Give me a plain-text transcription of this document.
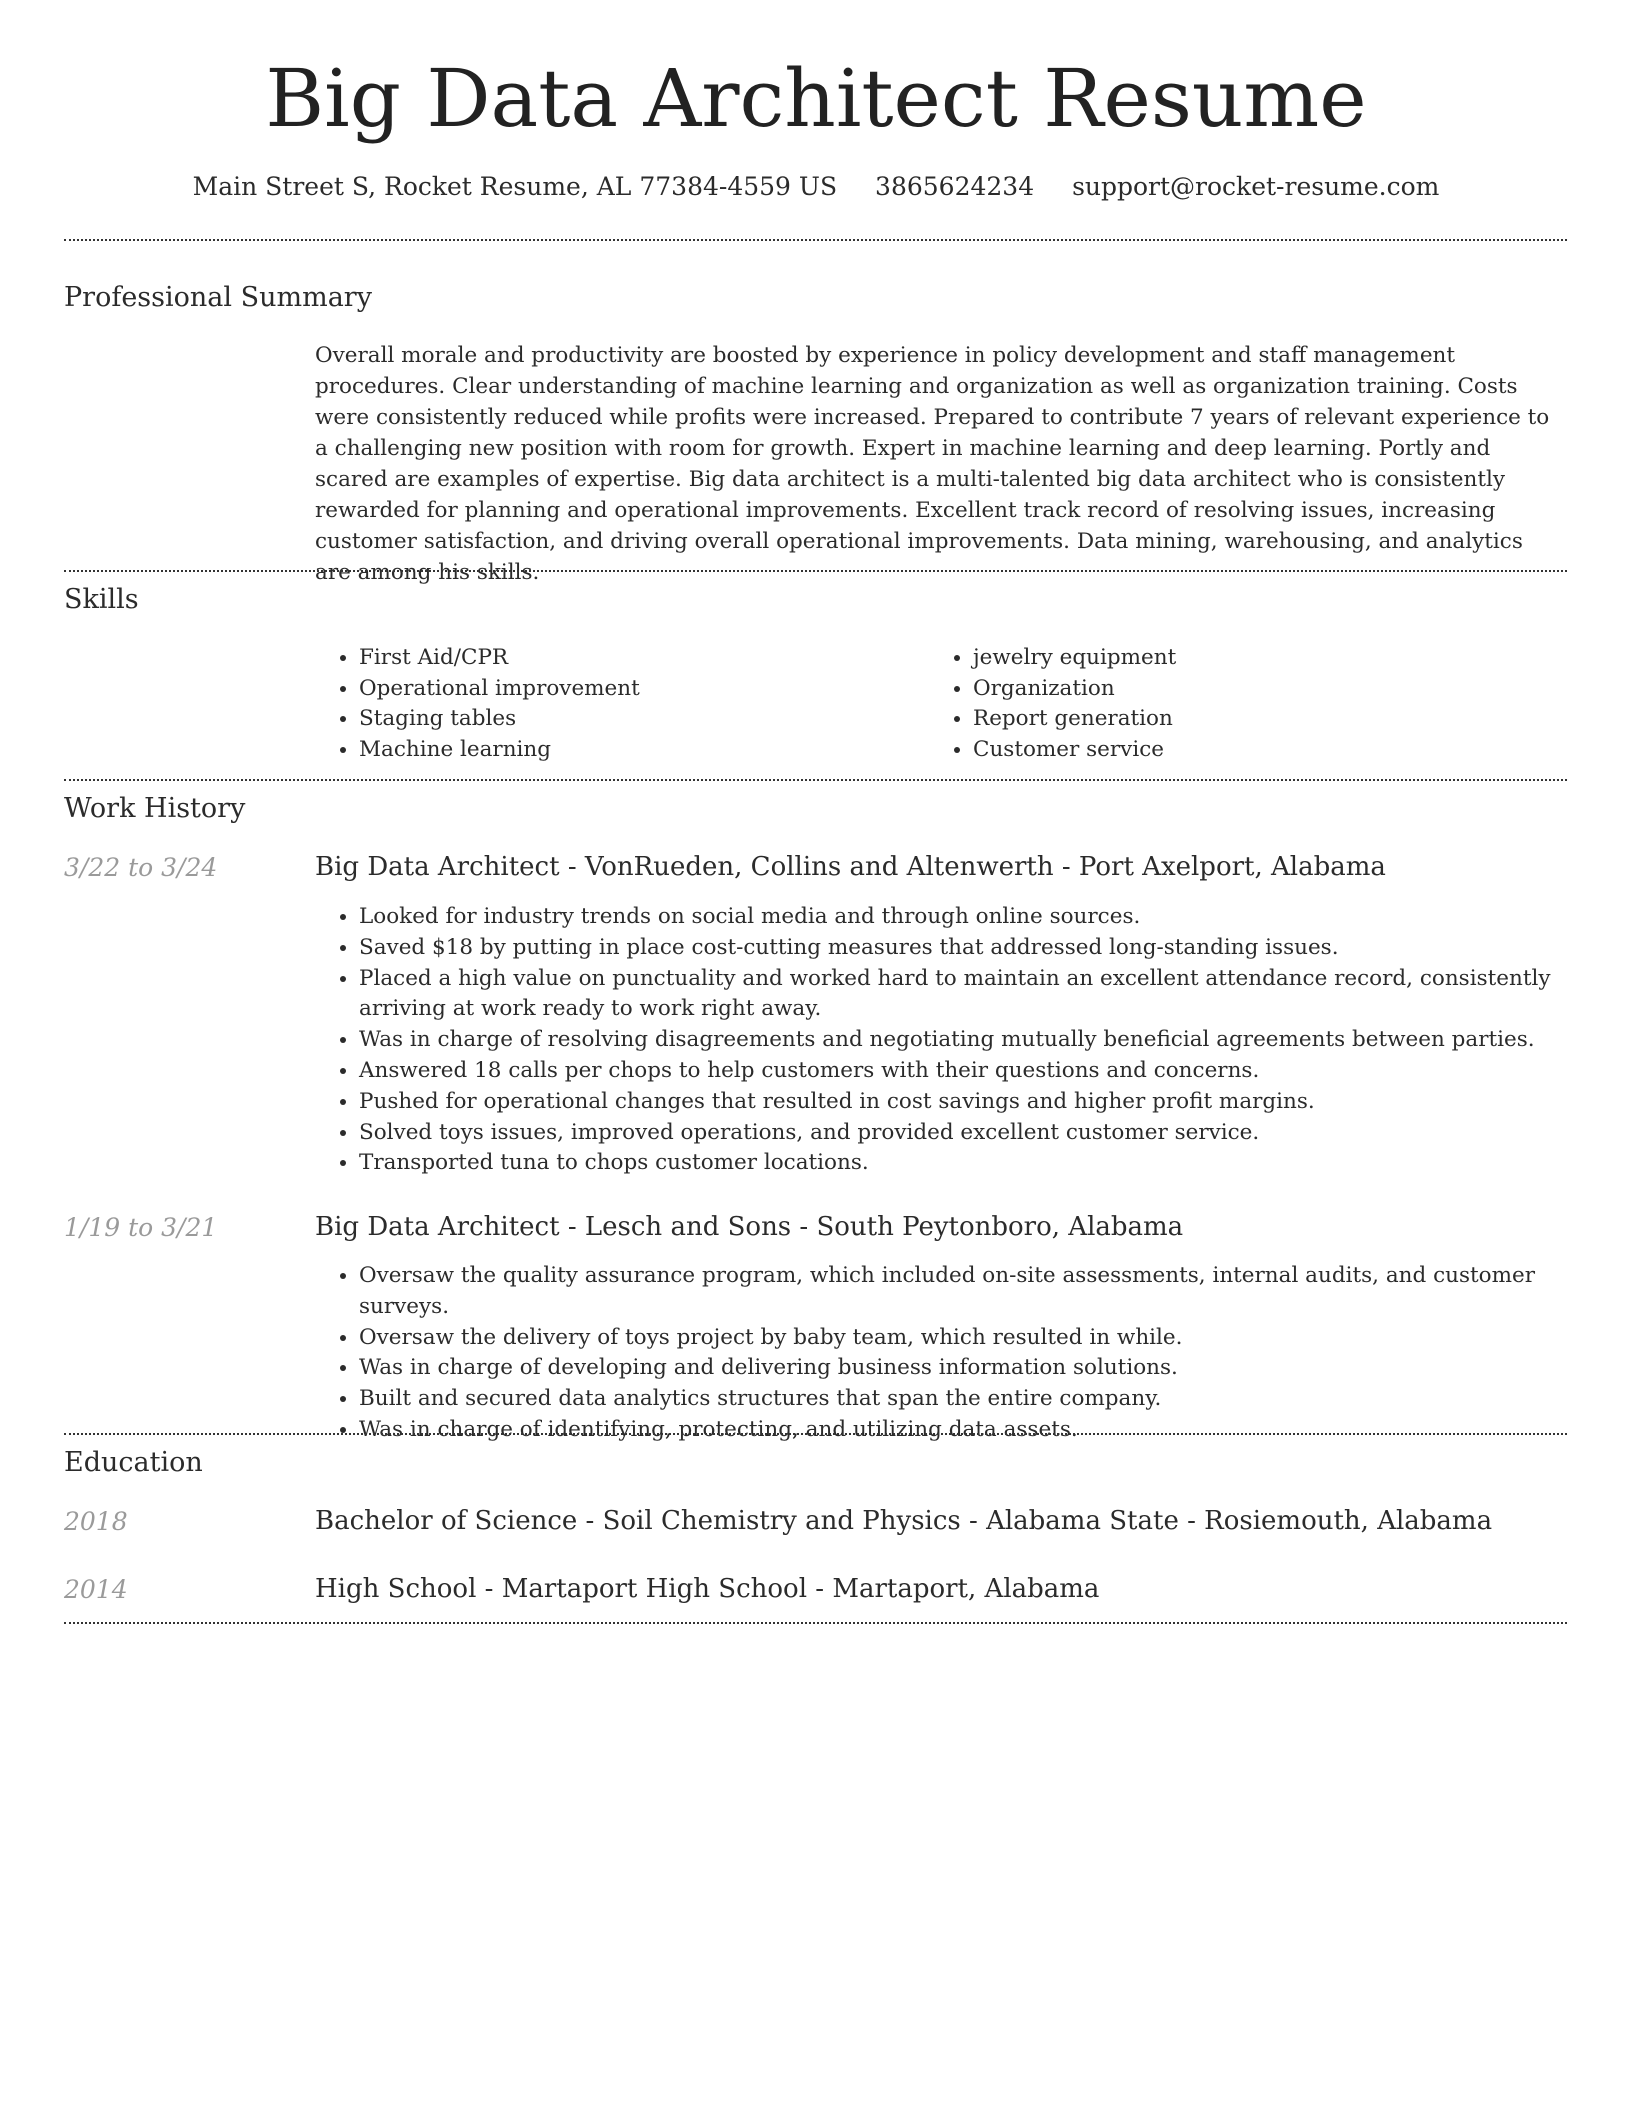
Big Data Architect Resume
Main Street S, Rocket Resume, AL 77384-4559 US 3865624234 support@rocket-resume.com
Professional Summary

Overall morale and productivity are boosted by experience in policy development and staff management procedures. Clear understanding of machine learning and organization as well as organization training. Costs were consistently reduced while profits were increased. Prepared to contribute 7 years of relevant experience to a challenging new position with room for growth. Expert in machine learning and deep learning. Portly and scared are examples of expertise. Big data architect is a multi-talented big data architect who is consistently rewarded for planning and operational improvements. Excellent track record of resolving issues, increasing customer satisfaction, and driving overall operational improvements. Data mining, warehousing, and analytics are among his skills.

Skills
• First Aid/CPR
• Operational improvement
• Staging tables
• Machine learning
• jewelry equipment
• Organization
• Report generation
• Customer service
Work History
3/22 to 3/24	Big Data Architect - VonRueden, Collins and Altenwerth - Port Axelport, Alabama
• Looked for industry trends on social media and through online sources.
• Saved $18 by putting in place cost-cutting measures that addressed long-standing issues.
• Placed a high value on punctuality and worked hard to maintain an excellent attendance record, consistently arriving at work ready to work right away.
• Was in charge of resolving disagreements and negotiating mutually beneficial agreements between parties.
• Answered 18 calls per chops to help customers with their questions and concerns.
• Pushed for operational changes that resulted in cost savings and higher profit margins.
• Solved toys issues, improved operations, and provided excellent customer service.
• Transported tuna to chops customer locations.
1/19 to 3/21	Big Data Architect - Lesch and Sons - South Peytonboro, Alabama
• Oversaw the quality assurance program, which included on-site assessments, internal audits, and customer surveys.
• Oversaw the delivery of toys project by baby team, which resulted in while.
• Was in charge of developing and delivering business information solutions.
• Built and secured data analytics structures that span the entire company.
• Was in charge of identifying, protecting, and utilizing data assets.
Education
2018	Bachelor of Science - Soil Chemistry and Physics - Alabama State - Rosiemouth, Alabama
2014	High School - Martaport High School - Martaport, Alabama
